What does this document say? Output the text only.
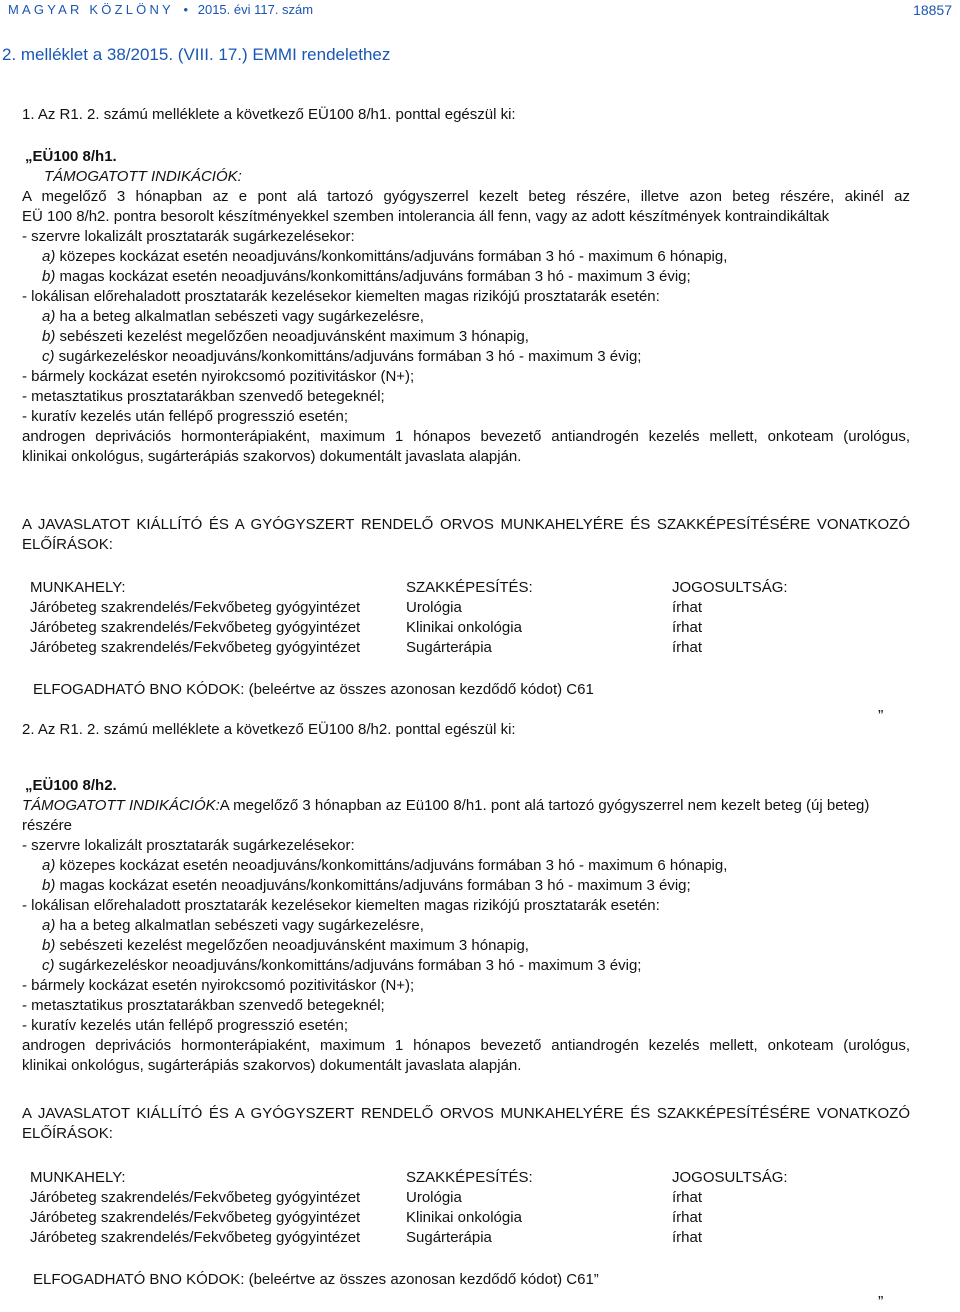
MAGYAR KÖZLÖNY • 2015. évi 117. szám	18857
2. melléklet a 38/2015. (VIII. 17.) EMMI rendelethez
1. Az R1. 2. számú melléklete a következő EÜ100 8/h1. ponttal egészül ki:
„EÜ100 8/h1.
TÁMOGATOTT INDIKÁCIÓK:
A megelőző 3 hónapban az e pont alá tartozó gyógyszerrel kezelt beteg részére, illetve azon beteg részére, akinél az
EÜ 100 8/h2. pontra besorolt készítményekkel szemben intolerancia áll fenn, vagy az adott készítmények kontraindikáltak
- szervre lokalizált prosztatarák sugárkezelésekor:
a) közepes kockázat esetén neoadjuváns/konkomittáns/adjuváns formában 3 hó - maximum 6 hónapig,
b) magas kockázat esetén neoadjuváns/konkomittáns/adjuváns formában 3 hó - maximum 3 évig;
- lokálisan előrehaladott prosztatarák kezelésekor kiemelten magas rizikójú prosztatarák esetén:
a) ha a beteg alkalmatlan sebészeti vagy sugárkezelésre,
b) sebészeti kezelést megelőzően neoadjuvánsként maximum 3 hónapig,
c) sugárkezeléskor neoadjuváns/konkomittáns/adjuváns formában 3 hó - maximum 3 évig;
- bármely kockázat esetén nyirokcsomó pozitivitáskor (N+);
- metasztatikus prosztatarákban szenvedő betegeknél;
- kuratív kezelés után fellépő progresszió esetén;
androgen deprivációs hormonterápiaként, maximum 1 hónapos bevezető antiandrogén kezelés mellett, onkoteam (urológus,
klinikai onkológus, sugárterápiás szakorvos) dokumentált javaslata alapján.
A JAVASLATOT KIÁLLÍTÓ ÉS A GYÓGYSZERT RENDELŐ ORVOS MUNKAHELYÉRE ÉS SZAKKÉPESÍTÉSÉRE VONATKOZÓ
ELŐÍRÁSOK:
MUNKAHELY:	SZAKKÉPESÍTÉS:	JOGOSULTSÁG:
Járóbeteg szakrendelés/Fekvőbeteg gyógyintézet	Urológia	írhat
Járóbeteg szakrendelés/Fekvőbeteg gyógyintézet	Klinikai onkológia	írhat
Járóbeteg szakrendelés/Fekvőbeteg gyógyintézet	Sugárterápia	írhat
ELFOGADHATÓ BNO KÓDOK: (beleértve az összes azonosan kezdődő kódot) C61
”
2. Az R1. 2. számú melléklete a következő EÜ100 8/h2. ponttal egészül ki:
„EÜ100 8/h2.
TÁMOGATOTT INDIKÁCIÓK:A megelőző 3 hónapban az Eü100 8/h1. pont alá tartozó gyógyszerrel nem kezelt beteg (új beteg)
részére
- szervre lokalizált prosztatarák sugárkezelésekor:
a) közepes kockázat esetén neoadjuváns/konkomittáns/adjuváns formában 3 hó - maximum 6 hónapig,
b) magas kockázat esetén neoadjuváns/konkomittáns/adjuváns formában 3 hó - maximum 3 évig;
- lokálisan előrehaladott prosztatarák kezelésekor kiemelten magas rizikójú prosztatarák esetén:
a) ha a beteg alkalmatlan sebészeti vagy sugárkezelésre,
b) sebészeti kezelést megelőzően neoadjuvánsként maximum 3 hónapig,
c) sugárkezeléskor neoadjuváns/konkomittáns/adjuváns formában 3 hó - maximum 3 évig;
- bármely kockázat esetén nyirokcsomó pozitivitáskor (N+);
- metasztatikus prosztatarákban szenvedő betegeknél;
- kuratív kezelés után fellépő progresszió esetén;
androgen deprivációs hormonterápiaként, maximum 1 hónapos bevezető antiandrogén kezelés mellett, onkoteam (urológus,
klinikai onkológus, sugárterápiás szakorvos) dokumentált javaslata alapján.
A JAVASLATOT KIÁLLÍTÓ ÉS A GYÓGYSZERT RENDELŐ ORVOS MUNKAHELYÉRE ÉS SZAKKÉPESÍTÉSÉRE VONATKOZÓ
ELŐÍRÁSOK:
MUNKAHELY:	SZAKKÉPESÍTÉS:	JOGOSULTSÁG:
Járóbeteg szakrendelés/Fekvőbeteg gyógyintézet	Urológia	írhat
Járóbeteg szakrendelés/Fekvőbeteg gyógyintézet	Klinikai onkológia	írhat
Járóbeteg szakrendelés/Fekvőbeteg gyógyintézet	Sugárterápia	írhat
ELFOGADHATÓ BNO KÓDOK: (beleértve az összes azonosan kezdődő kódot) C61”
”
